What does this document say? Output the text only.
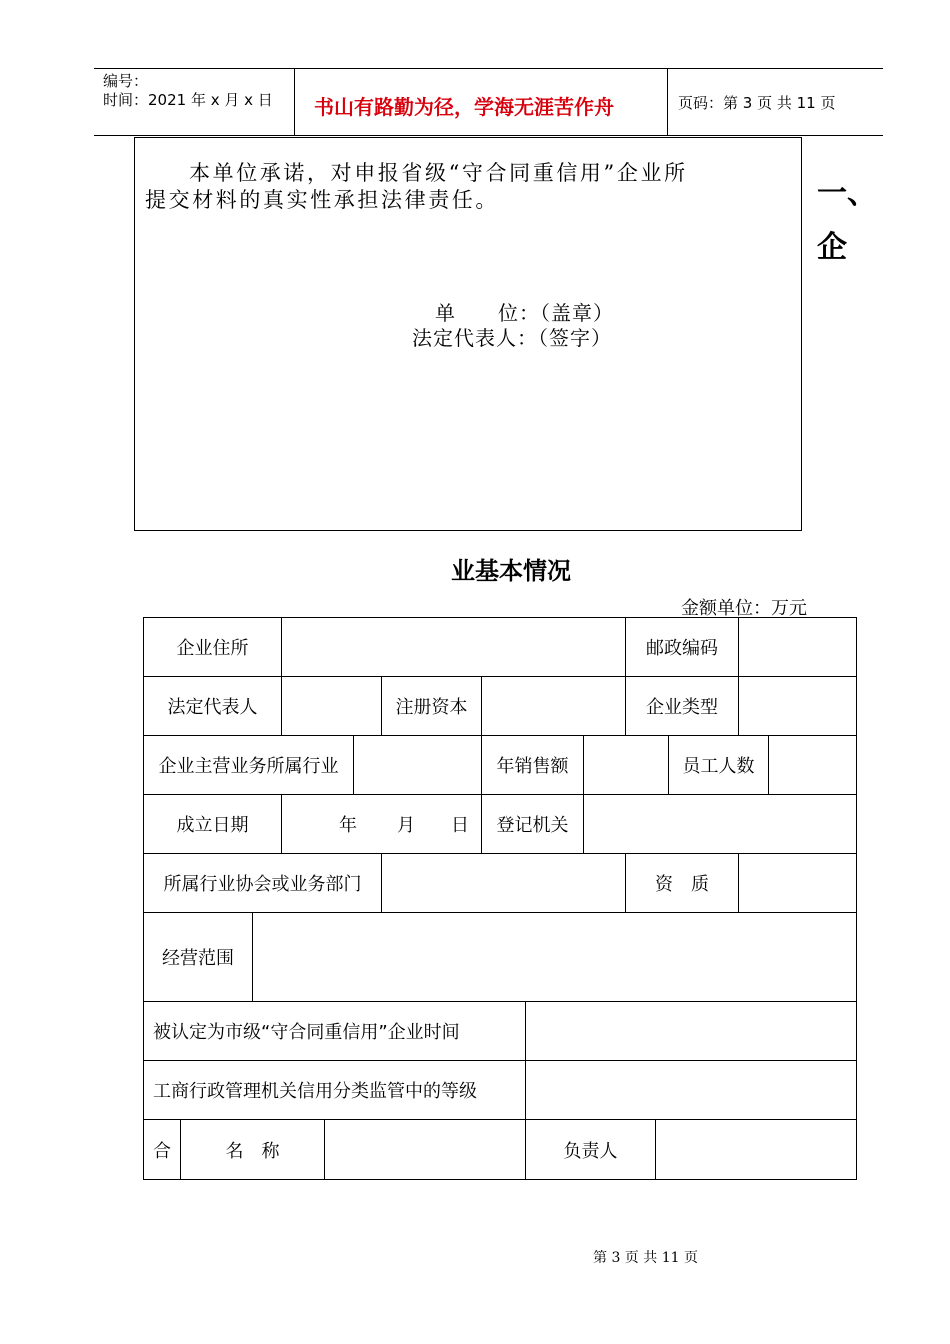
编号：
时间：2021 年 x 月 x 日 书山有路勤为径，学海无涯苦作舟	页码：第 3 页 共 11 页
本单位承诺，对申报省级“守合同重信用”企业所
提交材料的真实性承担法律责任。
单　　位：（盖章）
法定代表人：（签字）
一、
企
业基本情况
金额单位：万元
企业住所	邮政编码
法定代表人	注册资本	企业类型
企业主营业务所属行业	年销售额	员工人数
成立日期	年 月 日	登记机关
所属行业协会或业务部门	资　质
经营范围
被认定为市级“守合同重信用”企业时间
工商行政管理机关信用分类监管中的等级
合	名　称	负责人
第 3 页 共 11 页
